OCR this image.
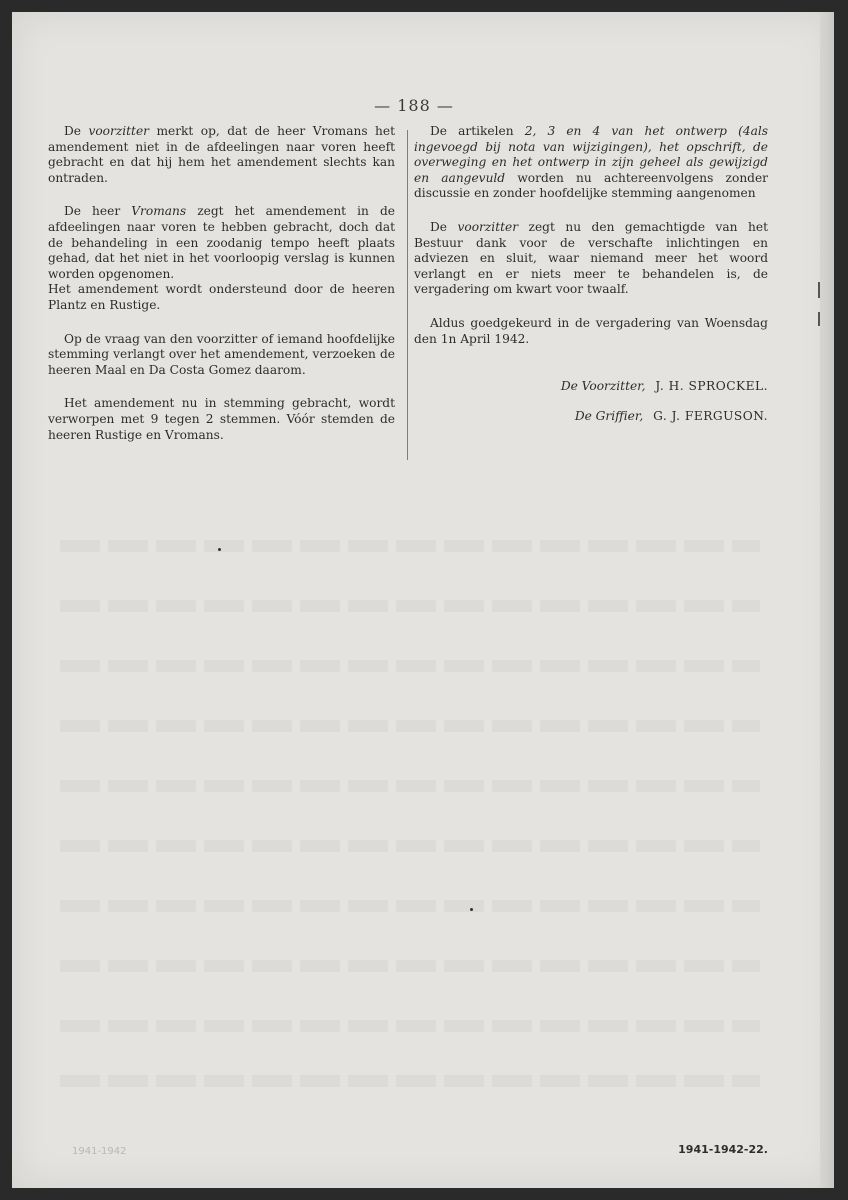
— 188 —

De voorzitter merkt op, dat de heer Vromans het amendement niet in de afdeelingen naar voren heeft gebracht en dat hij hem het amendement slechts kan ontraden.

De heer Vromans zegt het amendement in de afdeelingen naar voren te hebben gebracht, doch dat de behandeling in een zoodanig tempo heeft plaats gehad, dat het niet in het voorloopig verslag is kunnen worden opgenomen.

Het amendement wordt ondersteund door de heeren Plantz en Rustige.

Op de vraag van den voorzitter of iemand hoofdelijke stemming verlangt over het amendement, verzoeken de heeren Maal en Da Costa Gomez daarom.

Het amendement nu in stemming gebracht, wordt verworpen met 9 tegen 2 stemmen. Vóór stemden de heeren Rustige en Vromans.

De artikelen 2, 3 en 4 van het ontwerp (4als ingevoegd bij nota van wijzigingen), het opschrift, de overweging en het ontwerp in zijn geheel als gewijzigd en aangevuld worden nu achtereenvolgens zonder discussie en zonder hoofdelijke stemming aangenomen

De voorzitter zegt nu den gemachtigde van het Bestuur dank voor de verschafte inlichtingen en adviezen en sluit, waar niemand meer het woord verlangt en er niets meer te behandelen is, de vergadering om kwart voor twaalf.

Aldus goedgekeurd in de vergadering van Woensdag den 1n April 1942.

De Voorzitter, J. H. SPROCKEL.

De Griffier, G. J. FERGUSON.

1941-1942	1941-1942-22.
